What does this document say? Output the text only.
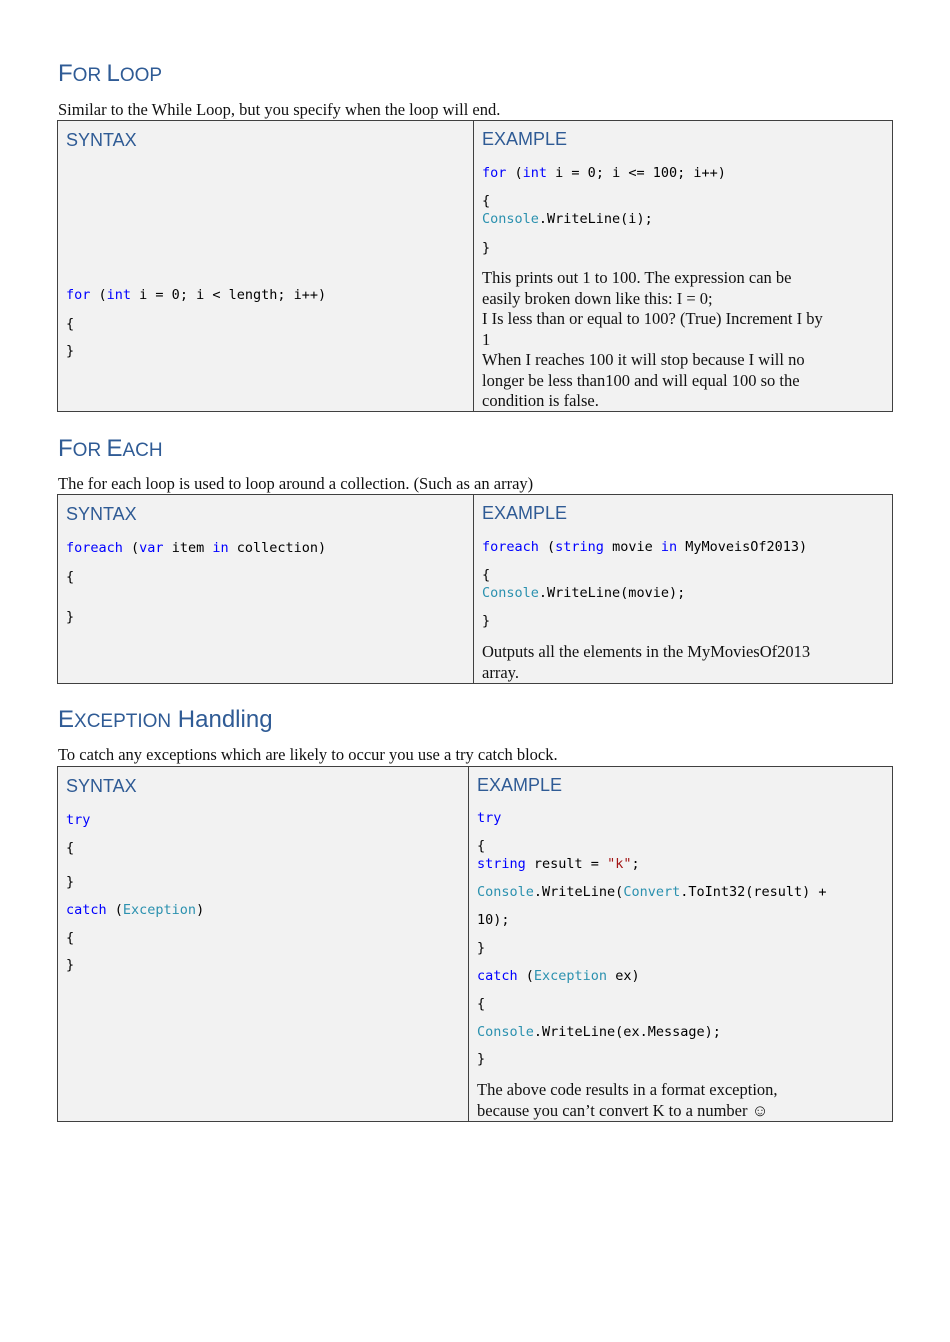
FOR LOOP

Similar to the While Loop, but you specify when the loop will end.

SYNTAX

for (int i = 0; i < length; i++)

{

}

EXAMPLE

for (int i = 0; i <= 100; i++)

{

Console.WriteLine(i);

}

This prints out 1 to 100. The expression can be

easily broken down like this: I = 0;

I Is less than or equal to 100? (True) Increment I by

1

When I reaches 100 it will stop because I will no

longer be less than100 and will equal 100 so the

condition is false.

FOR EACH

The for each loop is used to loop around a collection. (Such as an array)

SYNTAX	EXAMPLE

foreach (var item in collection)

{

}

foreach (string movie in MyMoveisOf2013)

{

Console.WriteLine(movie);

}

Outputs all the elements in the MyMoviesOf2013

array.

EXCEPTION Handling

To catch any exceptions which are likely to occur you use a try catch block.

SYNTAX	EXAMPLE

try

{

}

catch (Exception)

{

}

try

{

string result = "k";

Console.WriteLine(Convert.ToInt32(result) +

10);

}

catch (Exception ex)

{

Console.WriteLine(ex.Message);

}

The above code results in a format exception,

because you can’t convert K to a number ☺
